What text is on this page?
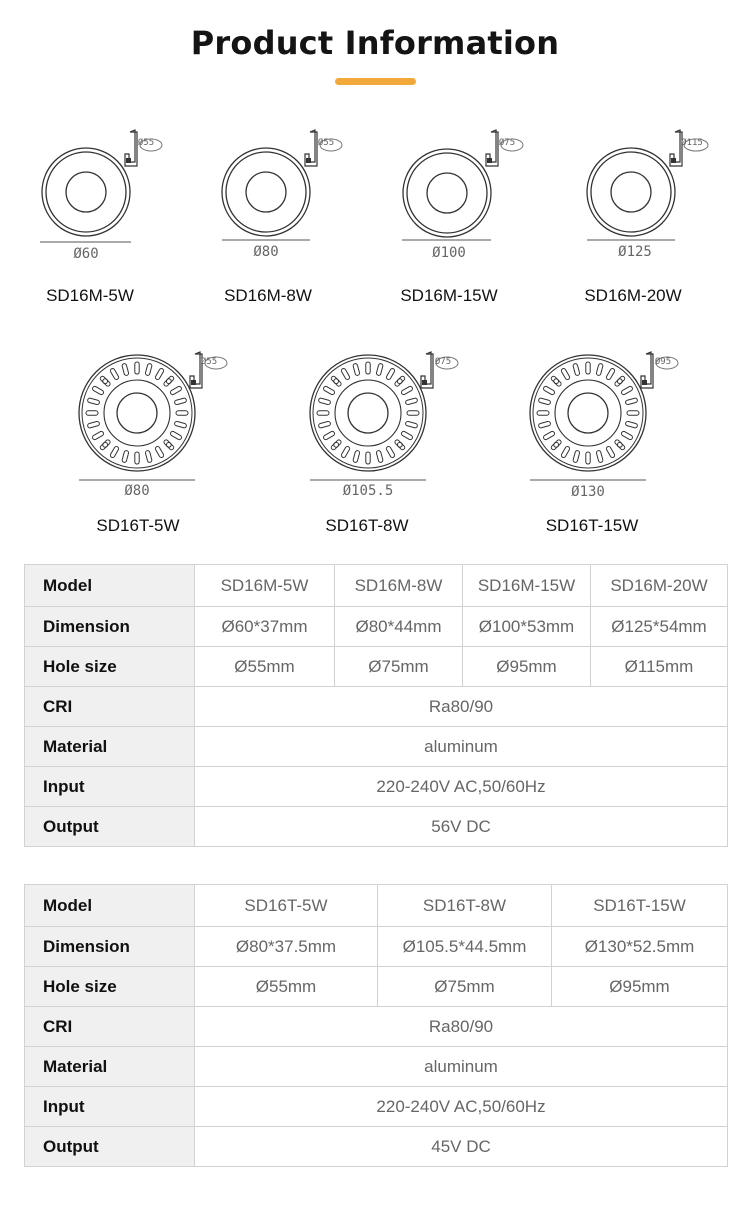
Product Information
Ø60
Ø55
SD16M-5W
Ø80
Ø55
SD16M-8W
Ø100
Ø75
SD16M-15W
Ø125
Ø115
SD16M-20W
Ø80
Ø55
SD16T-5W
Ø105.5
Ø75
SD16T-8W
Ø130
Ø95
SD16T-15W
Model	SD16M-5W	SD16M-8W	SD16M-15W	SD16M-20W
Dimension	Ø60*37mm	Ø80*44mm	Ø100*53mm	Ø125*54mm
Hole size	Ø55mm	Ø75mm	Ø95mm	Ø115mm
CRI	Ra80/90			
Material	aluminum			
Input	220-240V AC,50/60Hz			
Output	56V DC			
Model	SD16T-5W	SD16T-8W	SD16T-15W
Dimension	Ø80*37.5mm	Ø105.5*44.5mm	Ø130*52.5mm
Hole size	Ø55mm	Ø75mm	Ø95mm
CRI	Ra80/90		
Material	aluminum		
Input	220-240V AC,50/60Hz		
Output	45V DC		
